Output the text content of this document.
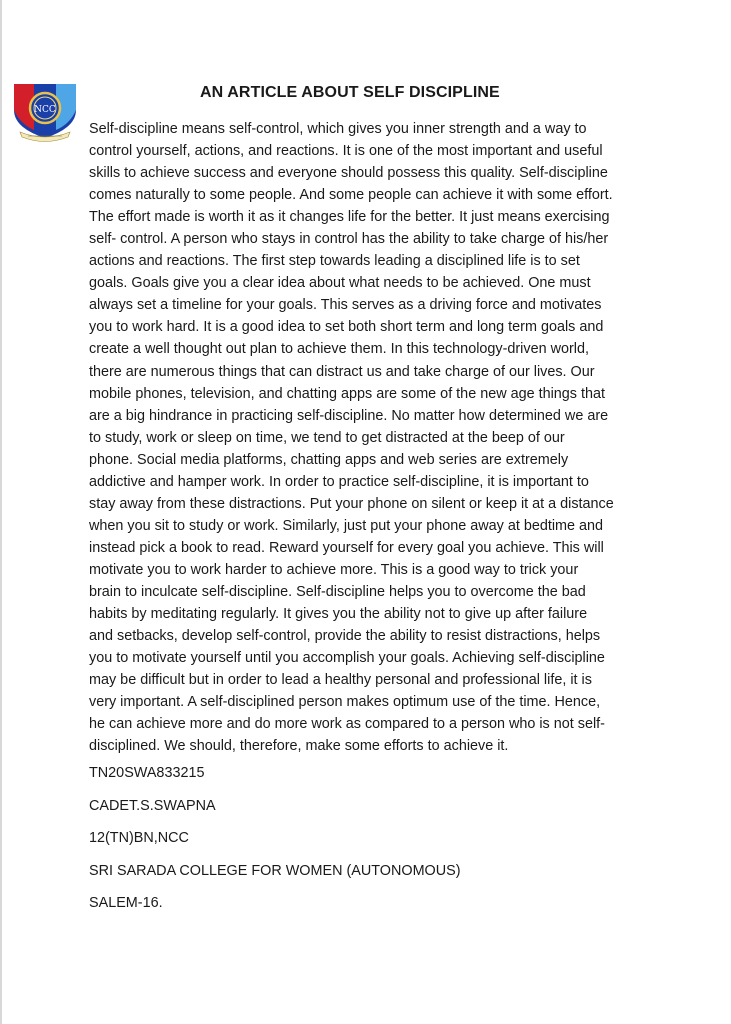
NCC
AN ARTICLE ABOUT SELF DISCIPLINE
Self-discipline means self-control, which gives you inner strength and a way to
control yourself, actions, and reactions. It is one of the most important and useful
skills to achieve success and everyone should possess this quality. Self-discipline
comes naturally to some people. And some people can achieve it with some effort.
The effort made is worth it as it changes life for the better. It just means exercising
self- control. A person who stays in control has the ability to take charge of his/her
actions and reactions. The first step towards leading a disciplined life is to set
goals. Goals give you a clear idea about what needs to be achieved. One must
always set a timeline for your goals. This serves as a driving force and motivates
you to work hard. It is a good idea to set both short term and long term goals and
create a well thought out plan to achieve them. In this technology-driven world,
there are numerous things that can distract us and take charge of our lives. Our
mobile phones, television, and chatting apps are some of the new age things that
are a big hindrance in practicing self-discipline. No matter how determined we are
to study, work or sleep on time, we tend to get distracted at the beep of our
phone. Social media platforms, chatting apps and web series are extremely
addictive and hamper work. In order to practice self-discipline, it is important to
stay away from these distractions. Put your phone on silent or keep it at a distance
when you sit to study or work. Similarly, just put your phone away at bedtime and
instead pick a book to read. Reward yourself for every goal you achieve. This will
motivate you to work harder to achieve more. This is a good way to trick your
brain to inculcate self-discipline. Self-discipline helps you to overcome the bad
habits by meditating regularly. It gives you the ability not to give up after failure
and setbacks, develop self-control, provide the ability to resist distractions, helps
you to motivate yourself until you accomplish your goals. Achieving self-discipline
may be difficult but in order to lead a healthy personal and professional life, it is
very important. A self-disciplined person makes optimum use of the time. Hence,
he can achieve more and do more work as compared to a person who is not self-
disciplined. We should, therefore, make some efforts to achieve it.
TN20SWA833215
CADET.S.SWAPNA
12(TN)BN,NCC
SRI SARADA COLLEGE FOR WOMEN (AUTONOMOUS)
SALEM-16.
